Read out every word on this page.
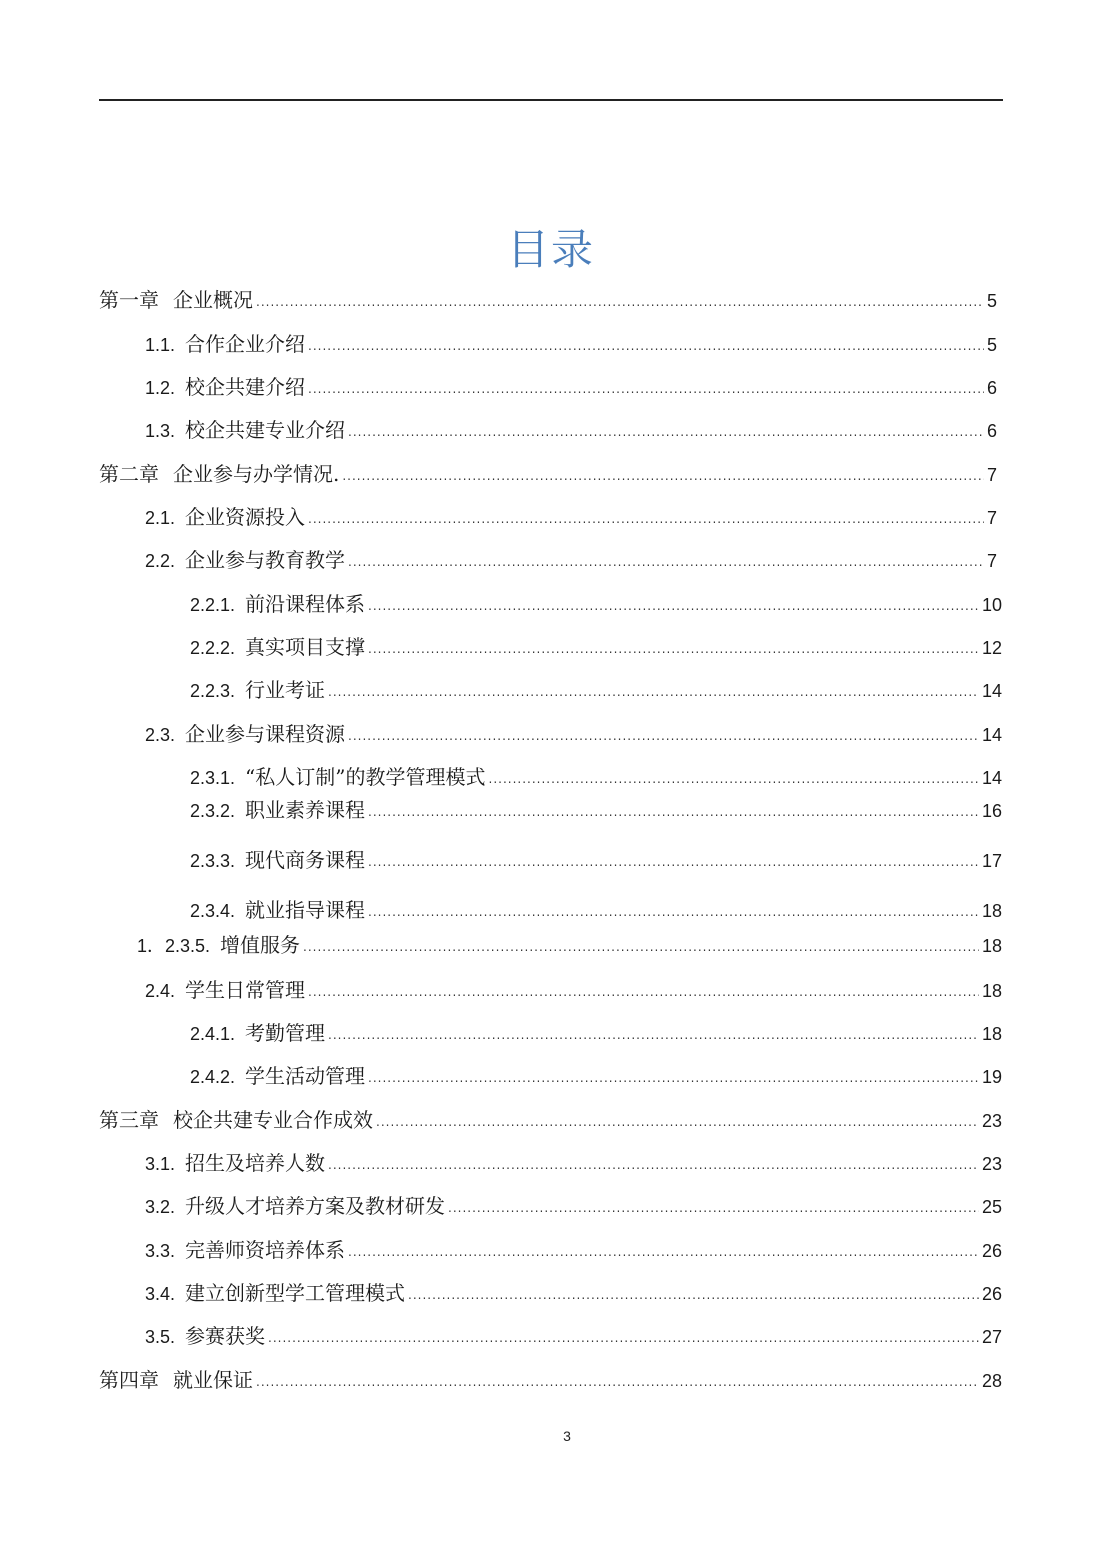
目录
第一章 企业概况 .....	5
1.1. 合作企业介绍 .....	5
1.2. 校企共建介绍 .....	6
1.3. 校企共建专业介绍 .....	6
第二章 企业参与办学情况. .....	7
2.1. 企业资源投入 .....	7
2.2. 企业参与教育教学 .....	7
2.2.1. 前沿课程体系 .....	10
2.2.2. 真实项目支撑 .....	12
2.2.3. 行业考证 .....	14
2.3. 企业参与课程资源 .....	14
2.3.1. “私人订制”的教学管理模式 .....	14
2.3.2. 职业素养课程 .....	16
2.3.3. 现代商务课程 .....	17
2.3.4. 就业指导课程 .....	18
1．2.3.5. 增值服务 .....	18
2.4. 学生日常管理 .....	18
2.4.1. 考勤管理 .....	18
2.4.2. 学生活动管理 .....	19
第三章 校企共建专业合作成效 .....	23
3.1. 招生及培养人数 .....	23
3.2. 升级人才培养方案及教材研发 .....	25
3.3. 完善师资培养体系 .....	26
3.4. 建立创新型学工管理模式 .....	26
3.5. 参赛获奖 .....	27
第四章 就业保证 .....	28
3
